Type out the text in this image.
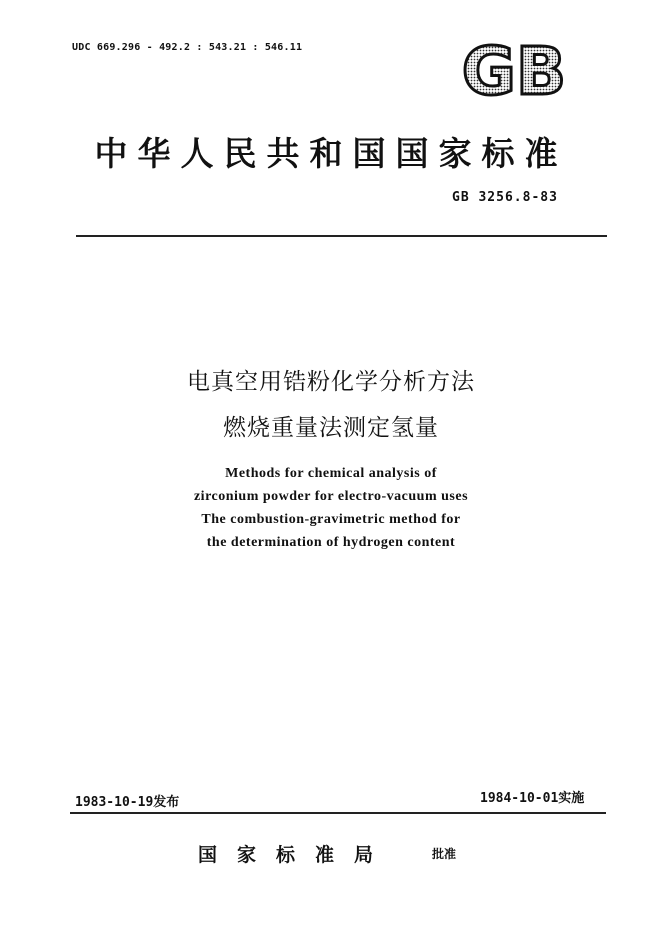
UDC 669.296 - 492.2 : 543.21 : 546.11 GB
中华人民共和国国家标准
GB 3256.8-83
电真空用锆粉化学分析方法
燃烧重量法测定氢量
Methods for chemical analysis of
zirconium powder for electro-vacuum uses
The combustion-gravimetric method for
the determination of hydrogen content
1983-10-19发布	1984-10-01实施
国家标准局	批准
